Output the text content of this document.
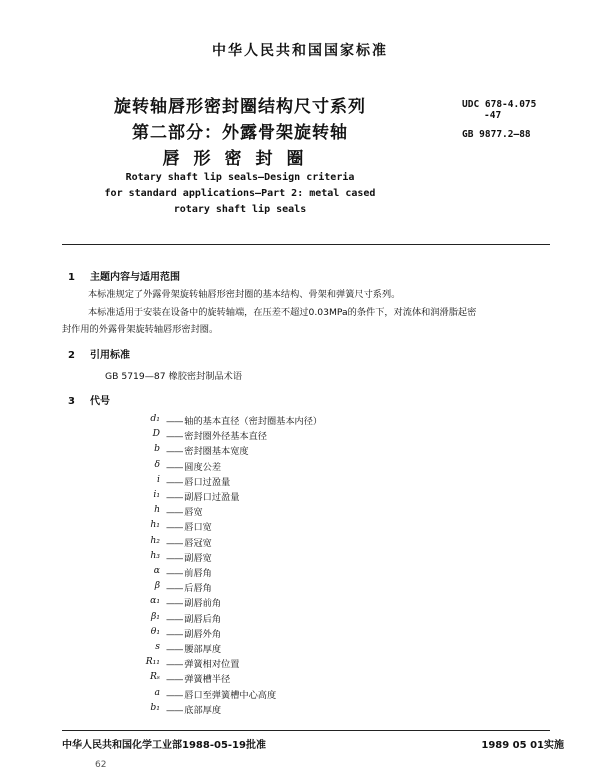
中华人民共和国国家标准
旋转轴唇形密封圈结构尺寸系列
第二部分：外露骨架旋转轴
唇形密封圈
UDC 678-4.075
-47
GB 9877.2—88
Rotary shaft lip seals—Design criteria
for standard applications—Part 2: metal cased
rotary shaft lip seals
1 主题内容与适用范围
本标准规定了外露骨架旋转轴唇形密封圈的基本结构、骨架和弹簧尺寸系列。
本标准适用于安装在设备中的旋转轴端，在压差不超过0.03MPa的条件下，对流体和润滑脂起密
封作用的外露骨架旋转轴唇形密封圈。
2 引用标准
GB 5719—87 橡胶密封制品术语
3 代号
d₁	—— 轴的基本直径（密封圈基本内径）
D	—— 密封圈外径基本直径
b	—— 密封圈基本宽度
δ	—— 圆度公差
i	—— 唇口过盈量
i₁	—— 副唇口过盈量
h	—— 唇宽
h₁	—— 唇口宽
h₂	—— 唇冠宽
h₃	—— 副唇宽
α	—— 前唇角
β	—— 后唇角
α₁	—— 副唇前角
β₁	—— 副唇后角
θ₁	—— 副唇外角
s	—— 腰部厚度
R₁₁	—— 弹簧相对位置
Rₛ	—— 弹簧槽半径
a	—— 唇口至弹簧槽中心高度
b₁	—— 底部厚度
中华人民共和国化学工业部1988-05-19批准	1989 05 01实施
62
